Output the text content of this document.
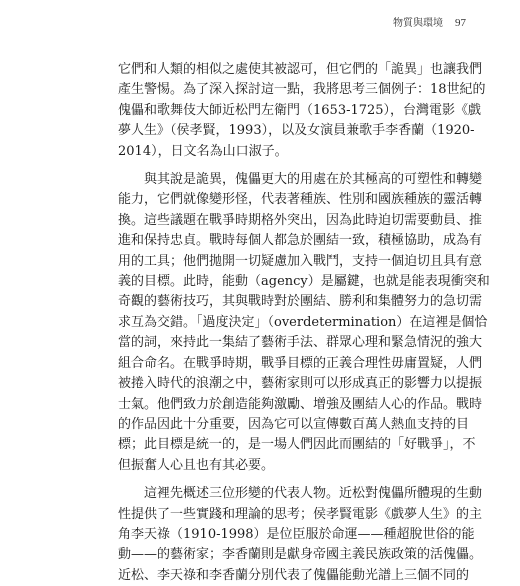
物質與環境 97

它們和人類的相似之處使其被認可，但它們的「詭異」也讓我們
產生警惕。為了深入探討這一點，我將思考三個例子：18世紀的
傀儡和歌舞伎大師近松門左衛門（1653-1725），台灣電影《戲
夢人生》（侯孝賢，1993），以及女演員兼歌手李香蘭（1920-
2014），日文名為山口淑子。

與其說是詭異，傀儡更大的用處在於其極高的可塑性和轉變
能力，它們就像變形怪，代表著種族、性別和國族種族的靈活轉
換。這些議題在戰爭時期格外突出，因為此時迫切需要動員、推
進和保持忠貞。戰時每個人都急於團結一致，積極協助，成為有
用的工具；他們拋開一切疑慮加入戰鬥，支持一個迫切且具有意
義的目標。此時，能動（agency）是屬鍵，也就是能表現衝突和
奇觀的藝術技巧，其與戰時對於團結、勝利和集體努力的急切需
求互為交錯。「過度決定」（overdetermination）在這裡是個恰
當的詞，來持此一集結了藝術手法、群眾心理和緊急情況的強大
組合命名。在戰爭時期，戰爭目標的正義合理性毋庸置疑，人們
被捲入時代的浪潮之中，藝術家則可以形成真正的影響力以提振
士氣。他們致力於創造能夠激勵、增強及團結人心的作品。戰時
的作品因此十分重要，因為它可以宣傳數百萬人熱血支持的目
標；此目標是統一的，是一場人們因此而團結的「好戰爭」，不
但振奮人心且也有其必要。

這裡先概述三位形變的代表人物。近松對傀儡所體現的生動
性提供了一些實踐和理論的思考；侯孝賢電影《戲夢人生》的主
角李天祿（1910-1998）是位臣服於命運——種超脫世俗的能
動——的藝術家；李香蘭則是獻身帝國主義民族政策的活傀儡。
近松、李天祿和李香蘭分別代表了傀儡能動光譜上三個不同的
